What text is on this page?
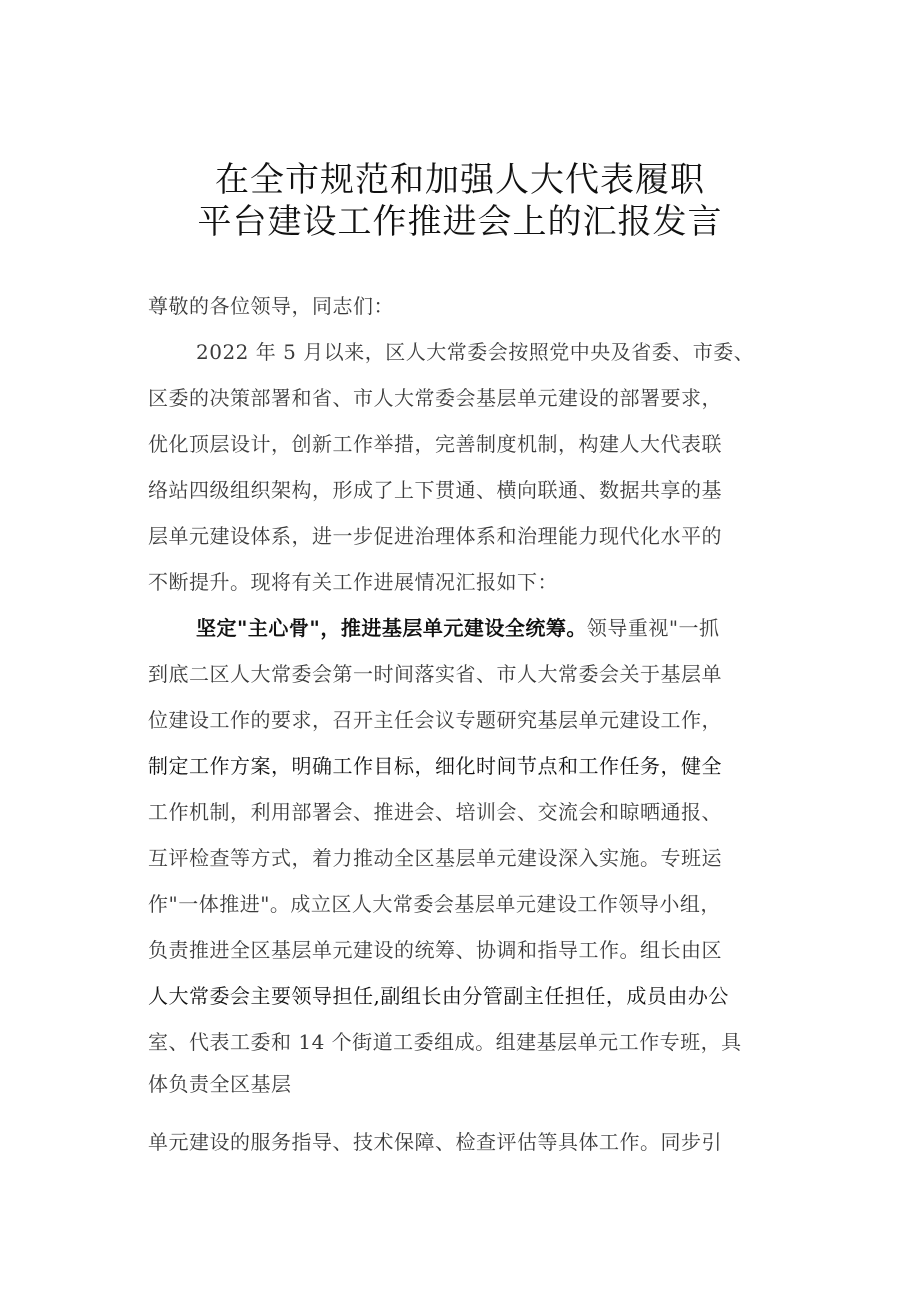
在全市规范和加强人大代表履职
平台建设工作推进会上的汇报发言
尊敬的各位领导，同志们：
2022 年 5 月以来，区人大常委会按照党中央及省委、市委、
区委的决策部署和省、市人大常委会基层单元建设的部署要求，
优化顶层设计，创新工作举措，完善制度机制，构建人大代表联
络站四级组织架构，形成了上下贯通、横向联通、数据共享的基
层单元建设体系，进一步促进治理体系和治理能力现代化水平的
不断提升。现将有关工作进展情况汇报如下：
坚定"主心骨"，推进基层单元建设全统筹。领导重视"一抓
到底二区人大常委会第一时间落实省、市人大常委会关于基层单
位建设工作的要求，召开主任会议专题研究基层单元建设工作，
制定工作方案，明确工作目标，细化时间节点和工作任务，健全
工作机制，利用部署会、推进会、培训会、交流会和晾晒通报、
互评检查等方式，着力推动全区基层单元建设深入实施。专班运
作"一体推进"。成立区人大常委会基层单元建设工作领导小组，
负责推进全区基层单元建设的统筹、协调和指导工作。组长由区
人大常委会主要领导担任,副组长由分管副主任担任，成员由办公
室、代表工委和 14 个街道工委组成。组建基层单元工作专班，具
体负责全区基层
单元建设的服务指导、技术保障、检查评估等具体工作。同步引
